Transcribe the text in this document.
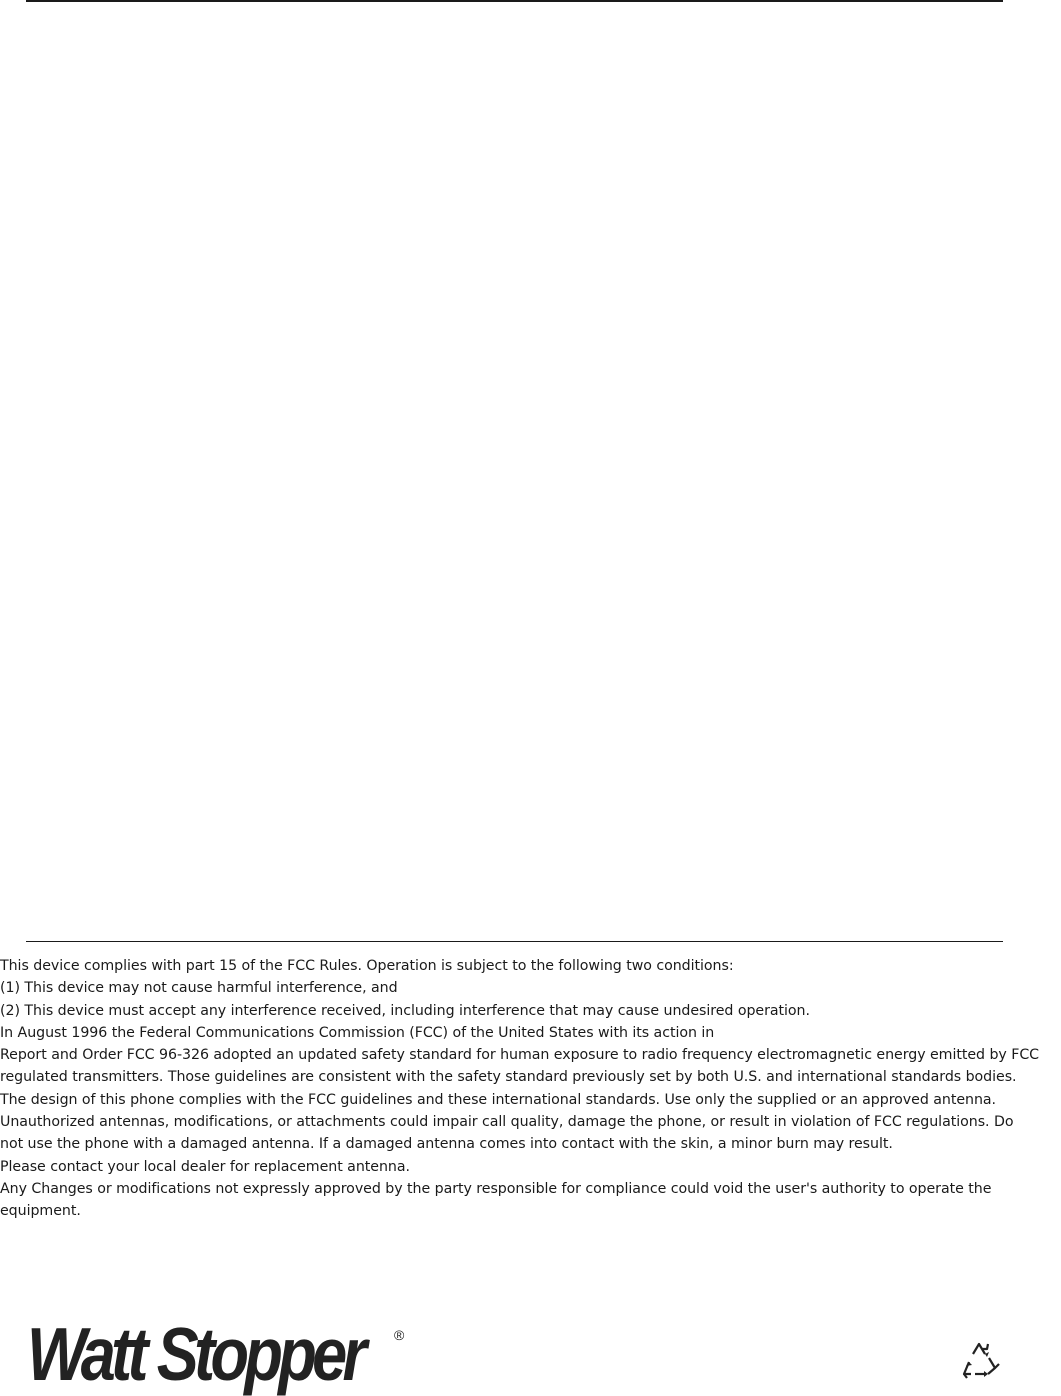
This device complies with part 15 of the FCC Rules. Operation is subject to the following two conditions:
(1) This device may not cause harmful interference, and
(2) This device must accept any interference received, including interference that may cause undesired operation.
In August 1996 the Federal Communications Commission (FCC) of the United States with its action in
Report and Order FCC 96-326 adopted an updated safety standard for human exposure to radio frequency electromagnetic energy emitted by FCC
regulated transmitters. Those guidelines are consistent with the safety standard previously set by both U.S. and international standards bodies.
The design of this phone complies with the FCC guidelines and these international standards. Use only the supplied or an approved antenna.
Unauthorized antennas, modifications, or attachments could impair call quality, damage the phone, or result in violation of FCC regulations. Do
not use the phone with a damaged antenna. If a damaged antenna comes into contact with the skin, a minor burn may result.
Please contact your local dealer for replacement antenna.
Any Changes or modifications not expressly approved by the party responsible for compliance could void the user's authority to operate the
equipment.
Watt Stopper ®
